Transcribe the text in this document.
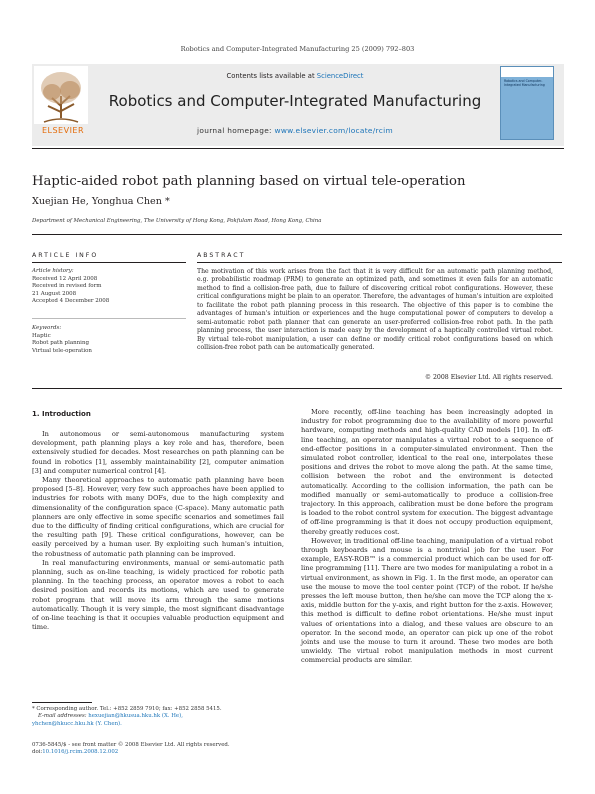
Robotics and Computer-Integrated Manufacturing 25 (2009) 792–803
ELSEVIER
Contents lists available at ScienceDirect
Robotics and Computer-Integrated Manufacturing
journal homepage: www.elsevier.com/locate/rcim
Robotics and Computer-Integrated Manufacturing
Haptic-aided robot path planning based on virtual tele-operation
Xuejian He, Yonghua Chen *
Department of Mechanical Engineering, The University of Hong Kong, Pokfulam Road, Hong Kong, China
ARTICLE INFO	ABSTRACT
Article history:
Received 12 April 2008
Received in revised form
21 August 2008
Accepted 4 December 2008
Keywords:
Haptic
Robot path planning
Virtual tele-operation
The motivation of this work arises from the fact that it is very difficult for an automatic path planning method, e.g. probabilistic roadmap (PRM) to generate an optimized path, and sometimes it even fails for an automatic method to find a collision-free path, due to failure of discovering critical robot configurations. However, these critical configurations might be plain to an operator. Therefore, the advantages of human's intuition are exploited to facilitate the robot path planning process in this research. The objective of this paper is to combine the advantages of human's intuition or experiences and the huge computational power of computers to develop a semi-automatic robot path planner that can generate an user-preferred collision-free robot path. In the path planning process, the user interaction is made easy by the development of a haptically controlled virtual robot. By virtual tele-robot manipulation, a user can define or modify critical robot configurations based on which collision-free robot path can be automatically generated.
© 2008 Elsevier Ltd. All rights reserved.
1. Introduction

In autonomous or semi-autonomous manufacturing system development, path planning plays a key role and has, therefore, been extensively studied for decades. Most researches on path planning can be found in robotics [1], assembly maintainability [2], computer animation [3] and computer numerical control [4].

Many theoretical approaches to automatic path planning have been proposed [5–8]. However, very few such approaches have been applied to industries for robots with many DOFs, due to the high complexity and dimensionality of the configuration space (C-space). Many automatic path planners are only effective in some specific scenarios and sometimes fail due to the difficulty of finding critical configurations, which are crucial for the resulting path [9]. These critical configurations, however, can be easily perceived by a human user. By exploiting such human's intuition, the robustness of automatic path planning can be improved.

In real manufacturing environments, manual or semi-automatic path planning, such as on-line teaching, is widely practiced for robotic path planning. In the teaching process, an operator moves a robot to each desired position and records its motions, which are used to generate robot program that will move its arm through the same motions automatically. Though it is very simple, the most significant disadvantage of on-line teaching is that it occupies valuable production equipment and time.

More recently, off-line teaching has been increasingly adopted in industry for robot programming due to the availability of more powerful hardware, computing methods and high-quality CAD models [10]. In off-line teaching, an operator manipulates a virtual robot to a sequence of end-effector positions in a computer-simulated environment. Then the simulated robot controller, identical to the real one, interpolates these positions and drives the robot to move along the path. At the same time, collision between the robot and the environment is detected automatically. According to the collision information, the path can be modified manually or semi-automatically to produce a collision-free trajectory. In this approach, calibration must be done before the program is loaded to the robot control system for execution. The biggest advantage of off-line programming is that it does not occupy production equipment, thereby greatly reduces cost.

However, in traditional off-line teaching, manipulation of a virtual robot through keyboards and mouse is a nontrivial job for the user. For example, EASY-ROB™ is a commercial product which can be used for off-line programming [11]. There are two modes for manipulating a robot in a virtual environment, as shown in Fig. 1. In the first mode, an operator can use the mouse to move the tool center point (TCP) of the robot. If he/she presses the left mouse button, then he/she can move the TCP along the x-axis, middle button for the y-axis, and right button for the z-axis. However, this method is difficult to define robot orientations. He/she must input values of orientations into a dialog, and these values are obscure to an operator. In the second mode, an operator can pick up one of the robot joints and use the mouse to turn it around. These two modes are both unwieldy. The virtual robot manipulation methods in most current commercial products are similar.

* Corresponding author. Tel.: +852 2859 7910; fax: +852 2858 5415.
E-mail addresses: hexuejian@hkusua.hku.hk (X. He),
yhchen@hkucc.hku.hk (Y. Chen).
0736-5845/$ - see front matter © 2008 Elsevier Ltd. All rights reserved.
doi:10.1016/j.rcim.2008.12.002
